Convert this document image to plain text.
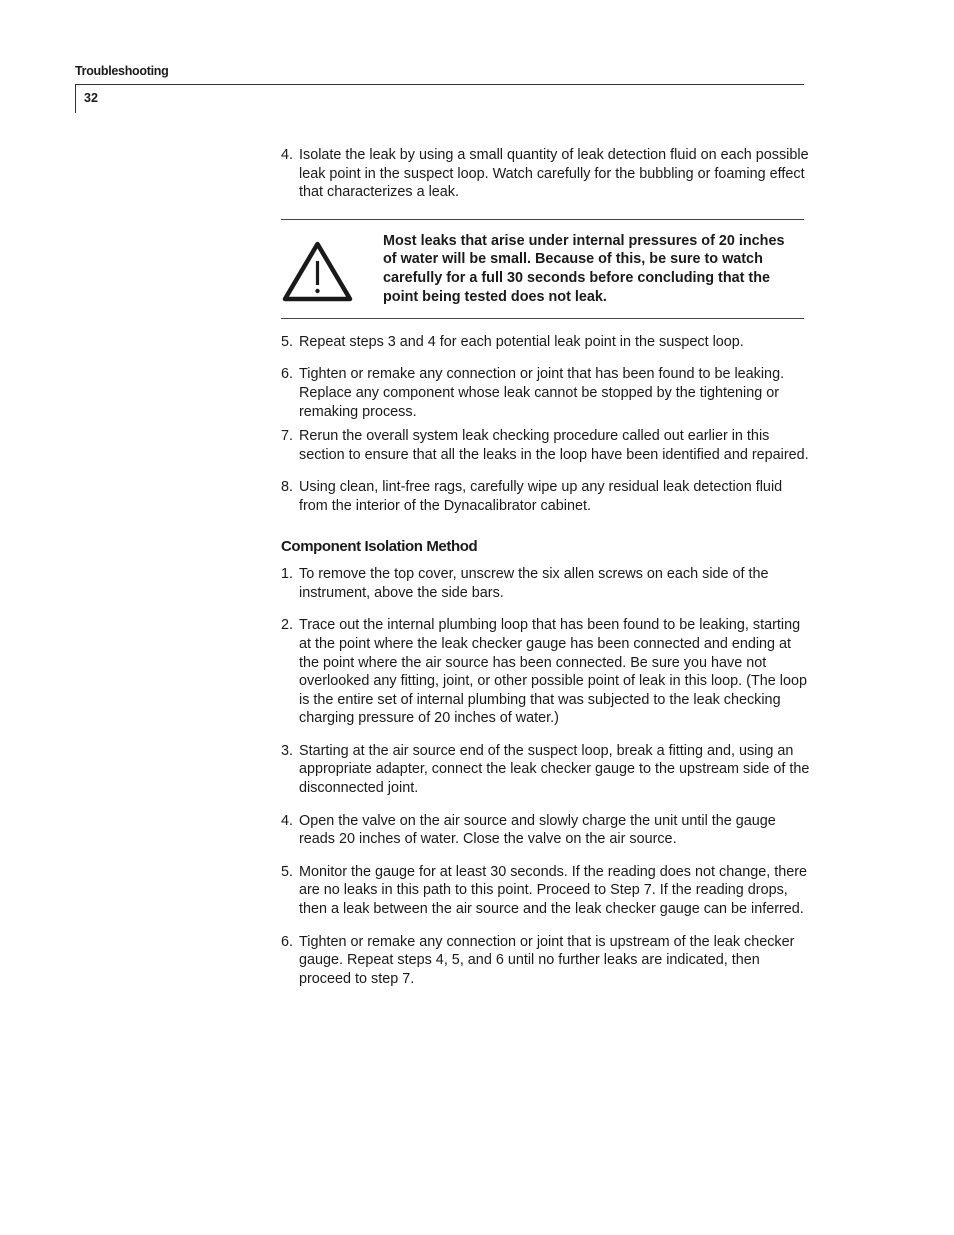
Troubleshooting
32
4. Isolate the leak by using a small quantity of leak detection fluid on each possible leak point in the suspect loop. Watch carefully for the bubbling or foaming effect that characterizes a leak.
Most leaks that arise under internal pressures of 20 inches of water will be small. Because of this, be sure to watch carefully for a full 30 seconds before concluding that the point being tested does not leak.
5. Repeat steps 3 and 4 for each potential leak point in the suspect loop.
6. Tighten or remake any connection or joint that has been found to be leaking. Replace any component whose leak cannot be stopped by the tightening or remaking process.
7. Rerun the overall system leak checking procedure called out earlier in this section to ensure that all the leaks in the loop have been identified and repaired.
8. Using clean, lint-free rags, carefully wipe up any residual leak detection fluid from the interior of the Dynacalibrator cabinet.
Component Isolation Method
1. To remove the top cover, unscrew the six allen screws on each side of the instrument, above the side bars.
2. Trace out the internal plumbing loop that has been found to be leaking, starting at the point where the leak checker gauge has been connected and ending at the point where the air source has been connected. Be sure you have not overlooked any fitting, joint, or other possible point of leak in this loop. (The loop is the entire set of internal plumbing that was subjected to the leak checking charging pressure of 20 inches of water.)
3. Starting at the air source end of the suspect loop, break a fitting and, using an appropriate adapter, connect the leak checker gauge to the upstream side of the disconnected joint.
4. Open the valve on the air source and slowly charge the unit until the gauge reads 20 inches of water. Close the valve on the air source.
5. Monitor the gauge for at least 30 seconds. If the reading does not change, there are no leaks in this path to this point. Proceed to Step 7. If the reading drops, then a leak between the air source and the leak checker gauge can be inferred.
6. Tighten or remake any connection or joint that is upstream of the leak checker gauge. Repeat steps 4, 5, and 6 until no further leaks are indicated, then proceed to step 7.
